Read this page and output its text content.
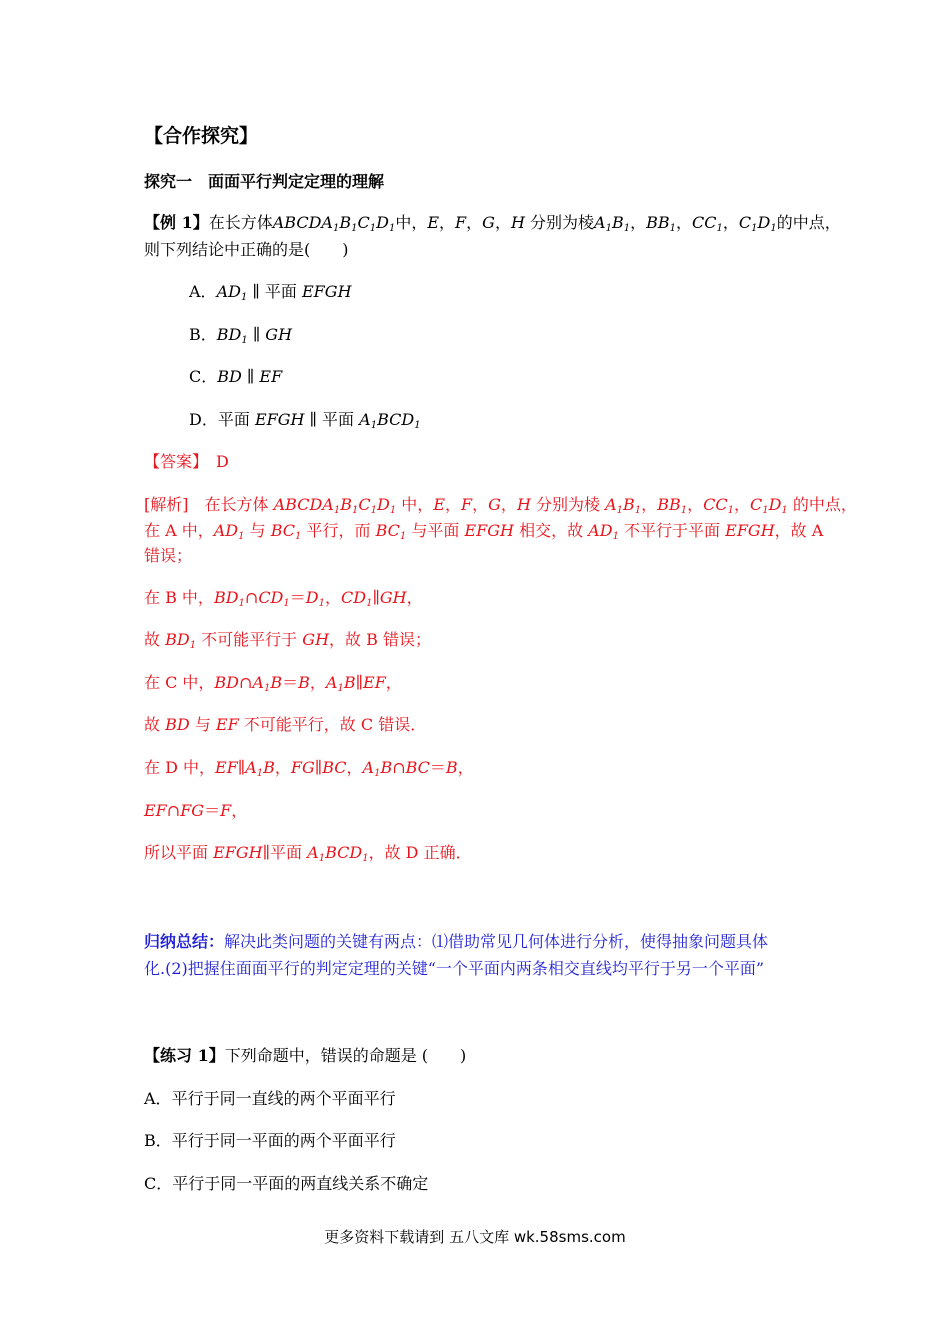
【合作探究】
探究一　面面平行判定定理的理解
【例 1】在长方体$ABCDA_1B_1C_1D_1$中，E，F，G，H 分别为棱$A_1B_1$，$BB_1$，$CC_1$，$C_1D_1$的中点，
则下列结论中正确的是(　　)
A．$AD_1$ ∥ 平面 EFGH
B．$BD_1$ ∥ GH
C．BD ∥ EF
D．平面 EFGH ∥ 平面 $A_1BCD_1$
【答案】　 D
[解析]　 在长方体 $ABCDA_1B_1C_1D_1$ 中，E，F，G，H 分别为棱 $A_1B_1$，$BB_1$，$CC_1$，$C_1D_1$ 的中点，
在 A 中，$AD_1$ 与 $BC_1$ 平行，而 $BC_1$ 与平面 EFGH 相交，故 $AD_1$ 不平行于平面 EFGH，故 A
错误；
在 B 中，$BD_1\cap CD_1=D_1$，$CD_1\parallel GH$，
故 $BD_1$ 不可能平行于 GH，故 B 错误；
在 C 中，$BD\cap A_1B=B$，$A_1B\parallel EF$，
故 BD 与 EF 不可能平行，故 C 错误．
在 D 中，$EF\parallel A_1B$，FG∥BC，$A_1B\cap BC=B$，
EF∩FG＝F，
所以平面 EFGH∥平面 $A_1BCD_1$，故 D 正确．
归纳总结：解决此类问题的关键有两点：⑴借助常见几何体进行分析，使得抽象问题具体
化.(2)把握住面面平行的判定定理的关键“一个平面内两条相交直线均平行于另一个平面”
【练习 1】下列命题中，错误的命题是 (　　)
A．平行于同一直线的两个平面平行
B．平行于同一平面的两个平面平行
C．平行于同一平面的两直线关系不确定
更多资料下载请到 五八文库 wk.58sms.com
